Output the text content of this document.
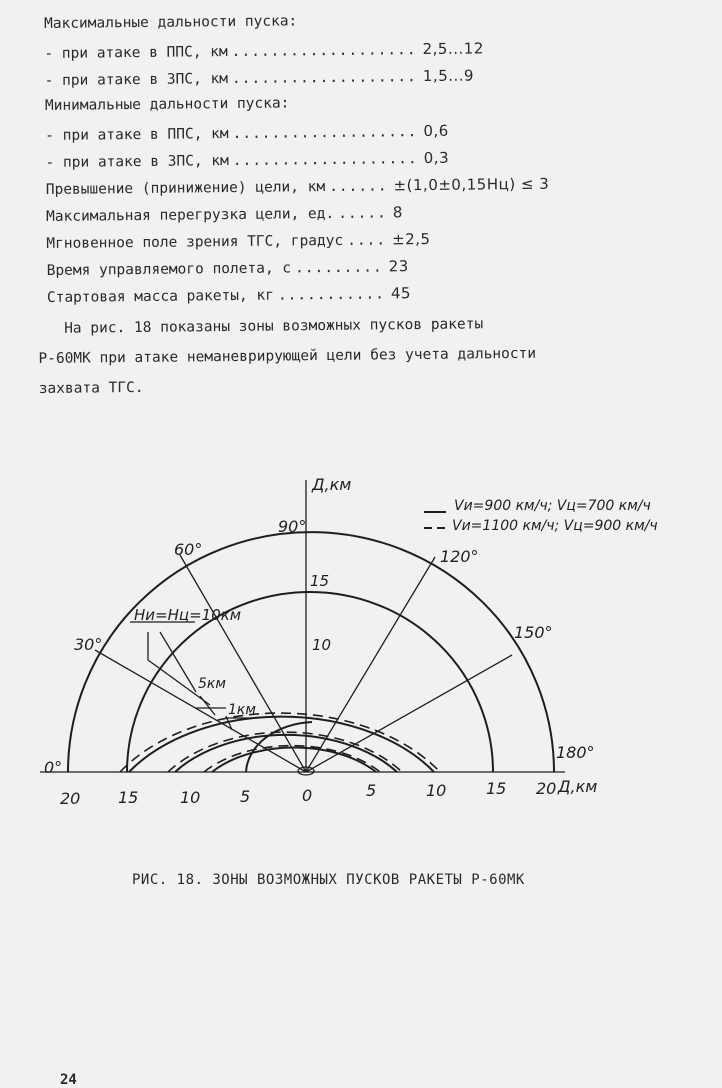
Максимальные дальности пуска:
- при атаке в ППС, км ................... 2,5...12
- при атаке в ЗПС, км ................... 1,5...9
Минимальные дальности пуска:
- при атаке в ППС, км ................... 0,6
- при атаке в ЗПС, км ................... 0,3
Превышение (принижение) цели, км ...... ±(1,0±0,15Hц) ≤ 3
Максимальная перегрузка цели, ед. ..... 8
Мгновенное поле зрения ТГС, градус .... ±2,5
Время управляемого полета, с ......... 23
Стартовая масса ракеты, кг ........... 45

На рис. 18 показаны зоны возможных пусков ракеты

Р-60МК при атаке неманеврирующей цели без учета дальности

захвата ТГС.

Д,км
Д,км
0°
30°
60°
90°
120°
150°
180°
15
10
20 15	10 5	0	5	10 15 20
Hи=Hц=10км
5км
1км
Vи=900 км/ч; Vц=700 км/ч
Vи=1100 км/ч; Vц=900 км/ч
РИС. 18. ЗОНЫ ВОЗМОЖНЫХ ПУСКОВ РАКЕТЫ Р-60МК
24
